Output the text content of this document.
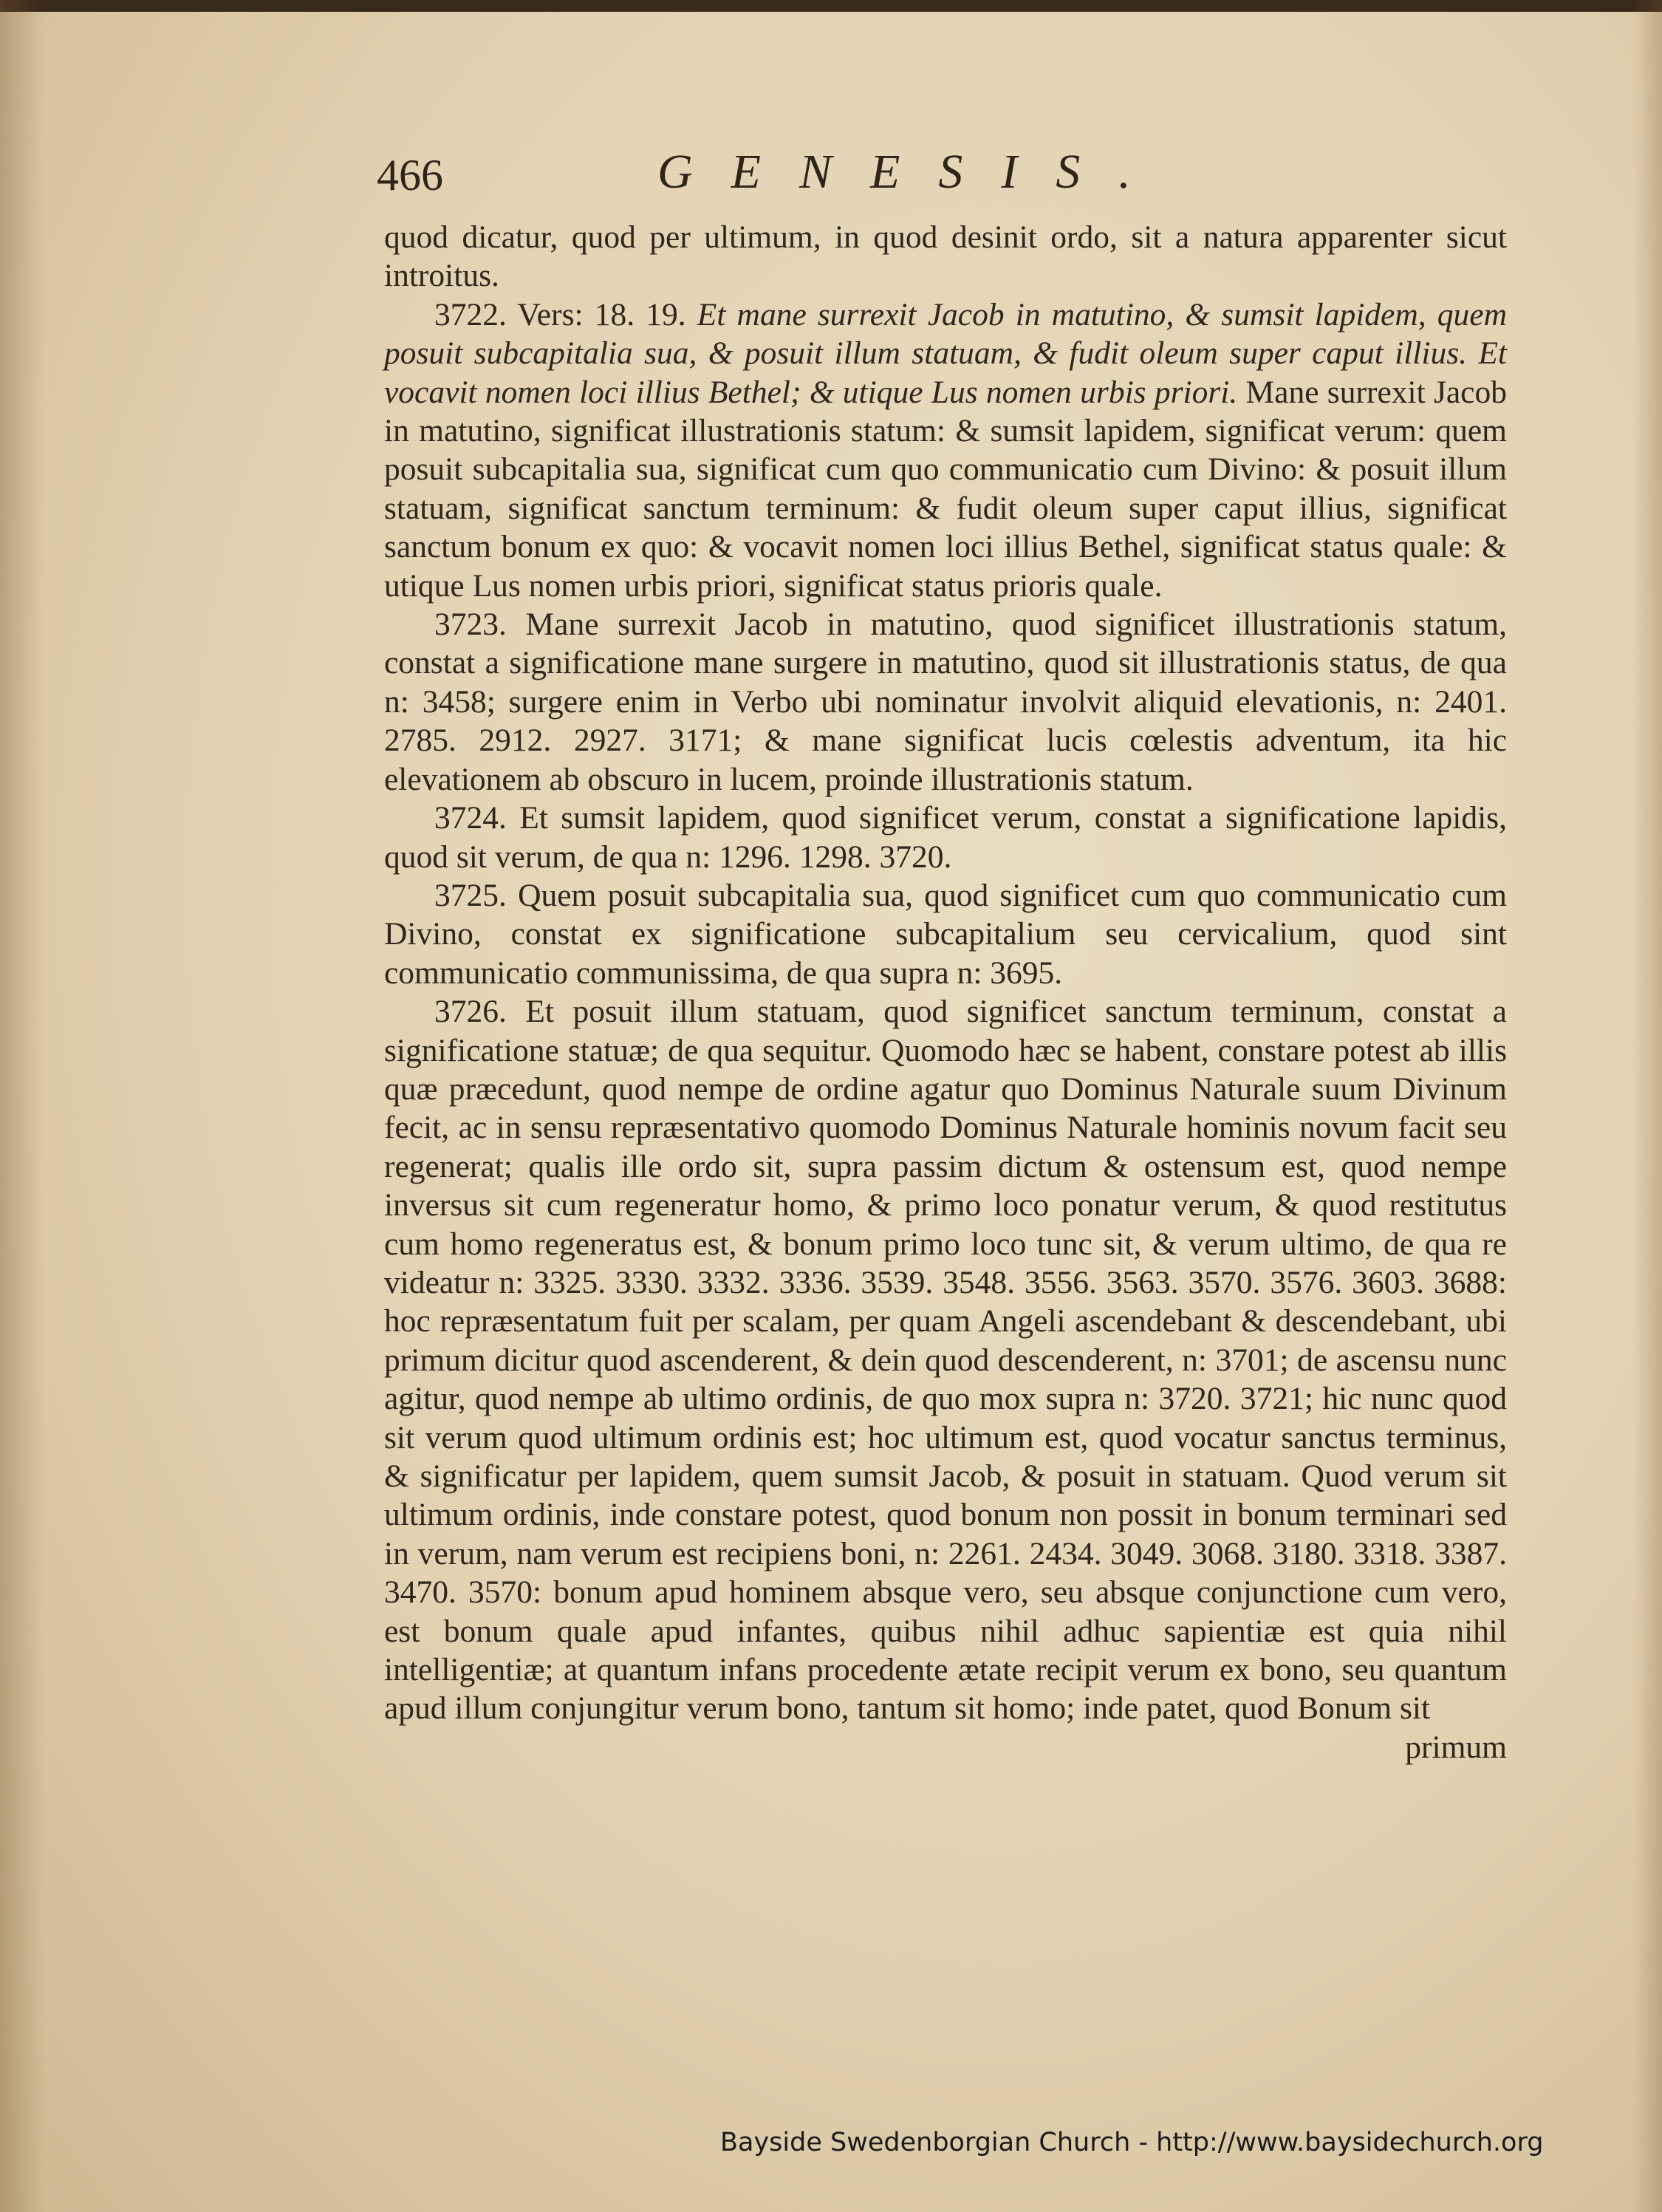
466	GENESIS.

quod dicatur, quod per ultimum, in quod desinit ordo, sit a natura apparenter sicut introitus.

3722. Vers: 18. 19. Et mane surrexit Jacob in matutino, & sumsit lapidem, quem posuit subcapitalia sua, & posuit illum statuam, & fudit oleum super caput illius. Et vocavit nomen loci illius Bethel; & utique Lus nomen urbis priori. Mane surrexit Jacob in matutino, significat illustrationis statum: & sumsit lapidem, significat verum: quem posuit subcapitalia sua, significat cum quo communicatio cum Divino: & posuit illum statuam, significat sanctum terminum: & fudit oleum super caput illius, significat sanctum bonum ex quo: & vocavit nomen loci illius Bethel, significat status quale: & utique Lus nomen urbis priori, significat status prioris quale.

3723. Mane surrexit Jacob in matutino, quod significet illustrationis statum, constat a significatione mane surgere in matutino, quod sit illustrationis status, de qua n: 3458; surgere enim in Verbo ubi nominatur involvit aliquid elevationis, n: 2401. 2785. 2912. 2927. 3171; & mane significat lucis cœlestis adventum, ita hic elevationem ab obscuro in lucem, proinde illustrationis statum.

3724. Et sumsit lapidem, quod significet verum, constat a significatione lapidis, quod sit verum, de qua n: 1296. 1298. 3720.

3725. Quem posuit subcapitalia sua, quod significet cum quo communicatio cum Divino, constat ex significatione subcapitalium seu cervicalium, quod sint communicatio communissima, de qua supra n: 3695.

3726. Et posuit illum statuam, quod significet sanctum terminum, constat a significatione statuæ; de qua sequitur. Quomodo hæc se habent, constare potest ab illis quæ præcedunt, quod nempe de ordine agatur quo Dominus Naturale suum Divinum fecit, ac in sensu repræsentativo quomodo Dominus Naturale hominis novum facit seu regenerat; qualis ille ordo sit, supra passim dictum & ostensum est, quod nempe inversus sit cum regeneratur homo, & primo loco ponatur verum, & quod restitutus cum homo regeneratus est, & bonum primo loco tunc sit, & verum ultimo, de qua re videatur n: 3325. 3330. 3332. 3336. 3539. 3548. 3556. 3563. 3570. 3576. 3603. 3688: hoc repræsentatum fuit per scalam, per quam Angeli ascendebant & descendebant, ubi primum dicitur quod ascenderent, & dein quod descenderent, n: 3701; de ascensu nunc agitur, quod nempe ab ultimo ordinis, de quo mox supra n: 3720. 3721; hic nunc quod sit verum quod ultimum ordinis est; hoc ultimum est, quod vocatur sanctus terminus, & significatur per lapidem, quem sumsit Jacob, & posuit in statuam. Quod verum sit ultimum ordinis, inde constare potest, quod bonum non possit in bonum terminari sed in verum, nam verum est recipiens boni, n: 2261. 2434. 3049. 3068. 3180. 3318. 3387. 3470. 3570: bonum apud hominem absque vero, seu absque conjunctione cum vero, est bonum quale apud infantes, quibus nihil adhuc sapientiæ est quia nihil intelligentiæ; at quantum infans procedente ætate recipit verum ex bono, seu quantum apud illum conjungitur verum bono, tantum sit homo; inde patet, quod Bonum sit

primum

Bayside Swedenborgian Church - http://www.baysidechurch.org
